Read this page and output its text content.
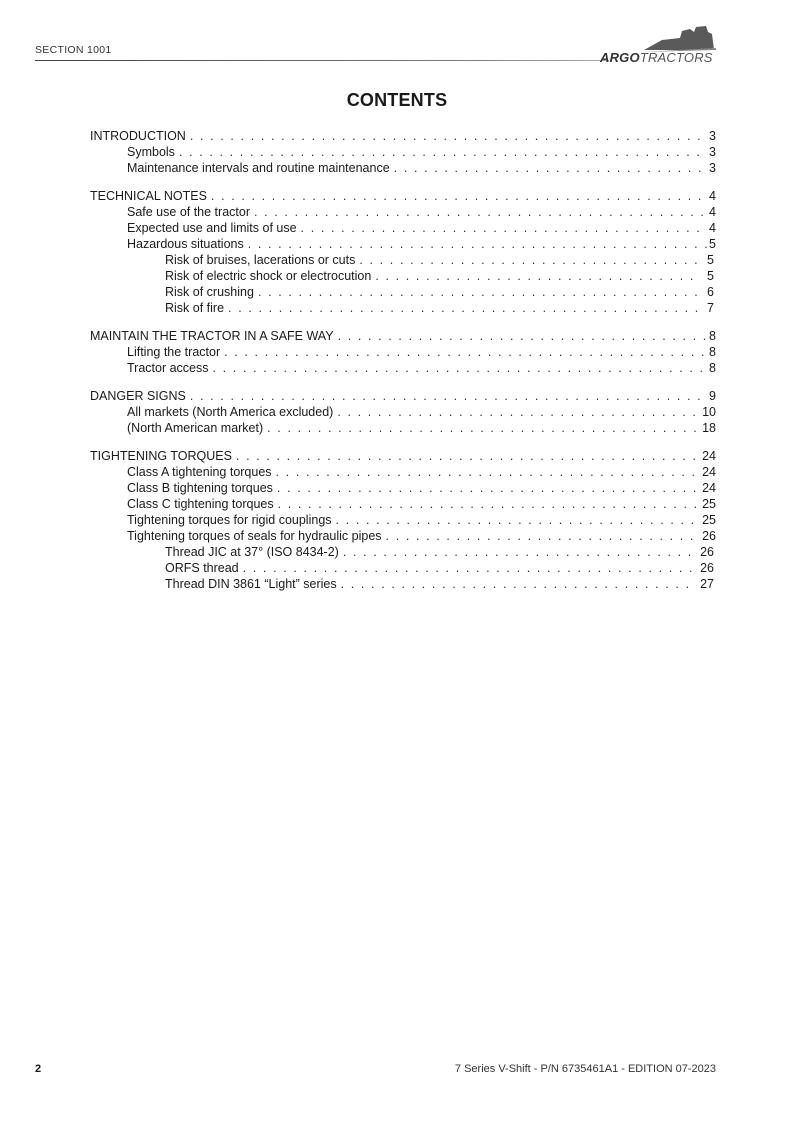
SECTION 1001	ARGOTRACTORS
CONTENTS
INTRODUCTION . . .	3
Symbols . . .	3
Maintenance intervals and routine maintenance . . .	3
TECHNICAL NOTES . . .	4
Safe use of the tractor . . .	4
Expected use and limits of use . . .	4
Hazardous situations . . .	5
Risk of bruises, lacerations or cuts . . .	5
Risk of electric shock or electrocution . . .	5
Risk of crushing . . .	6
Risk of fire . . .	7
MAINTAIN THE TRACTOR IN A SAFE WAY . . .	8
Lifting the tractor . . .	8
Tractor access . . .	8
DANGER SIGNS . . .	9
All markets (North America excluded) . . .	10
(North American market) . . .	18
TIGHTENING TORQUES . . .	24
Class A tightening torques . . .	24
Class B tightening torques . . .	24
Class C tightening torques . . .	25
Tightening torques for rigid couplings . . .	25
Tightening torques of seals for hydraulic pipes . . .	26
Thread JIC at 37° (ISO 8434-2) . . .	26
ORFS thread . . .	26
Thread DIN 3861 “Light” series . . .	27
2	7 Series V-Shift - P/N 6735461A1 - EDITION 07-2023
